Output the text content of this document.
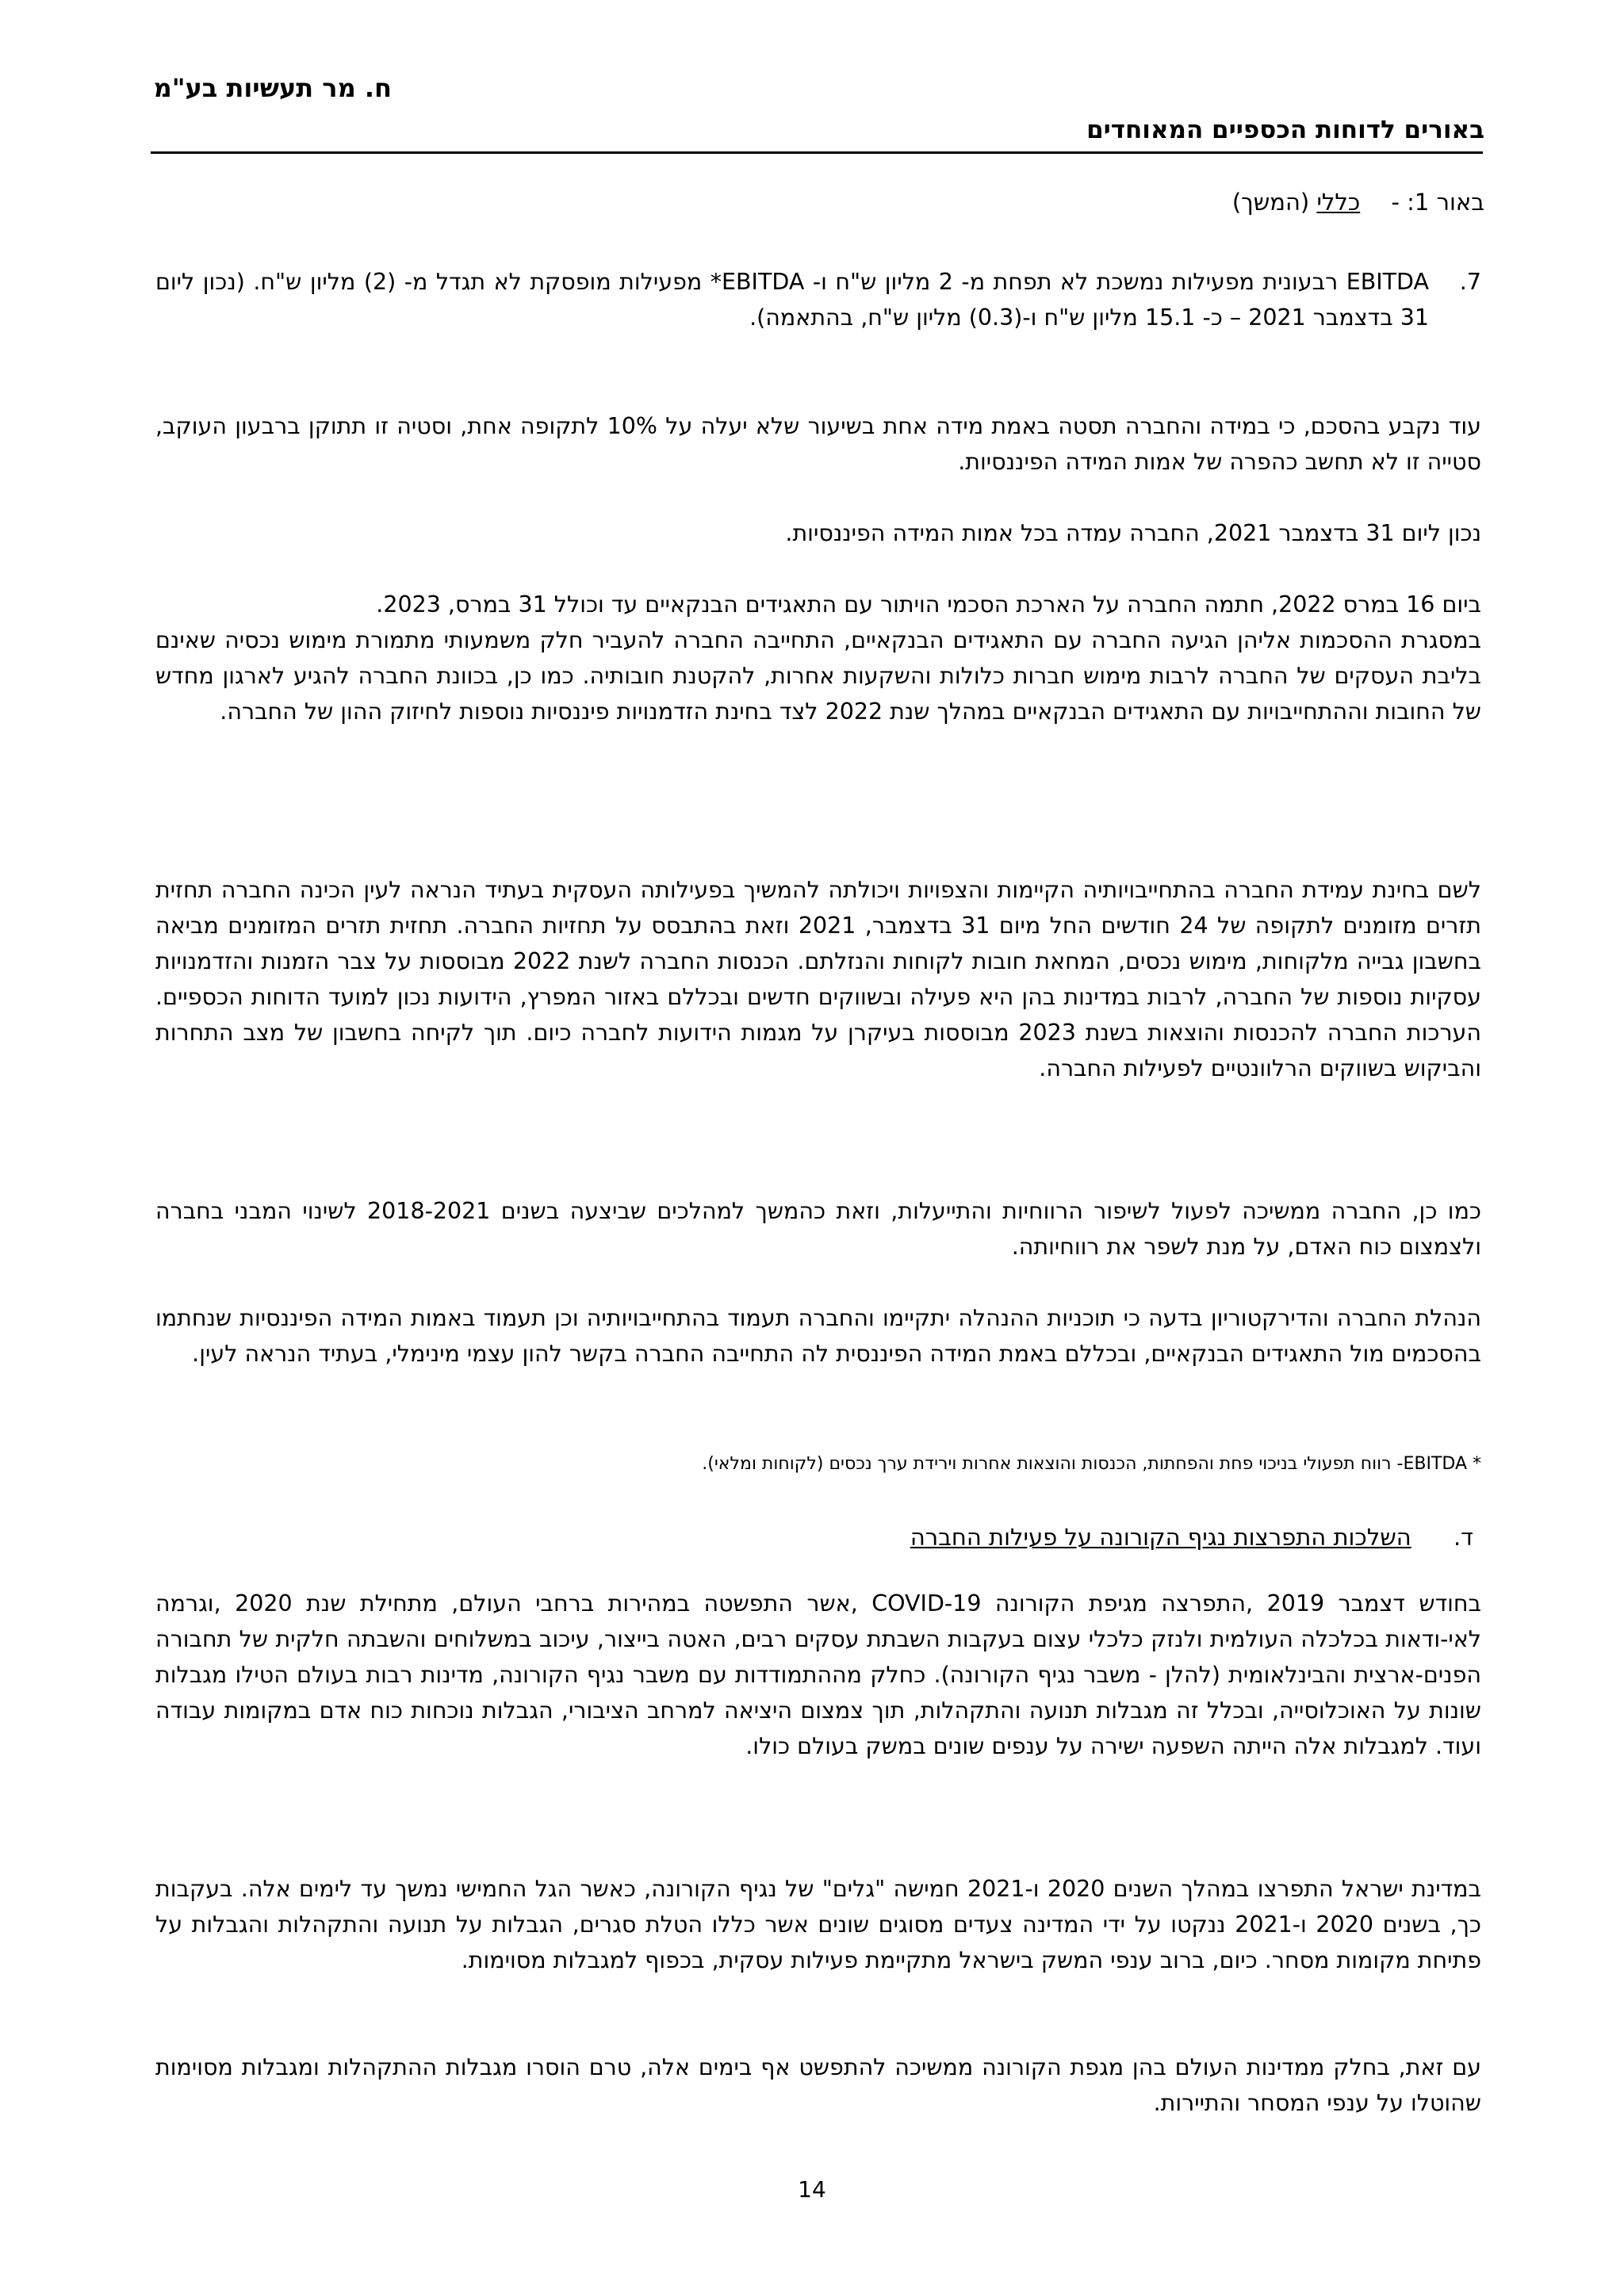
ח. מר תעשיות בע"מ
באורים לדוחות הכספיים המאוחדים
באור 1: - כללי (המשך)
7.
EBITDA רבעונית מפעילות נמשכת לא תפחת מ- 2 מליון ש"ח ו- EBITDA* מפעילות מופסקת לא תגדל מ- (2) מליון ש"ח. (נכון ליום 31 בדצמבר 2021 – כ- 15.1 מליון ש"ח ו-(0.3) מליון ש"ח, בהתאמה).

עוד נקבע בהסכם, כי במידה והחברה תסטה באמת מידה אחת בשיעור שלא יעלה על 10% לתקופה אחת, וסטיה זו תתוקן ברבעון העוקב, סטייה זו לא תחשב כהפרה של אמות המידה הפיננסיות.

נכון ליום 31 בדצמבר 2021, החברה עמדה בכל אמות המידה הפיננסיות.

ביום 16 במרס 2022, חתמה החברה על הארכת הסכמי הויתור עם התאגידים הבנקאיים עד וכולל 31 במרס, 2023.

במסגרת ההסכמות אליהן הגיעה החברה עם התאגידים הבנקאיים, התחייבה החברה להעביר חלק משמעותי מתמורת מימוש נכסיה שאינם בליבת העסקים של החברה לרבות מימוש חברות כלולות והשקעות אחרות, להקטנת חובותיה. כמו כן, בכוונת החברה להגיע לארגון מחדש של החובות וההתחייבויות עם התאגידים הבנקאיים במהלך שנת 2022 לצד בחינת הזדמנויות פיננסיות נוספות לחיזוק ההון של החברה.

לשם בחינת עמידת החברה בהתחייבויותיה הקיימות והצפויות ויכולתה להמשיך בפעילותה העסקית בעתיד הנראה לעין הכינה החברה תחזית תזרים מזומנים לתקופה של 24 חודשים החל מיום 31 בדצמבר, 2021 וזאת בהתבסס על תחזיות החברה. תחזית תזרים המזומנים מביאה בחשבון גבייה מלקוחות, מימוש נכסים, המחאת חובות לקוחות והנזלתם. הכנסות החברה לשנת 2022 מבוססות על צבר הזמנות והזדמנויות עסקיות נוספות של החברה, לרבות במדינות בהן היא פעילה ובשווקים חדשים ובכללם באזור המפרץ, הידועות נכון למועד הדוחות הכספיים. הערכות החברה להכנסות והוצאות בשנת 2023 מבוססות בעיקרן על מגמות הידועות לחברה כיום. תוך לקיחה בחשבון של מצב התחרות והביקוש בשווקים הרלוונטיים לפעילות החברה.

כמו כן, החברה ממשיכה לפעול לשיפור הרווחיות והתייעלות, וזאת כהמשך למהלכים שביצעה בשנים 2018-2021 לשינוי המבני בחברה ולצמצום כוח האדם, על מנת לשפר את רווחיותה.

הנהלת החברה והדירקטוריון בדעה כי תוכניות ההנהלה יתקיימו והחברה תעמוד בהתחייבויותיה וכן תעמוד באמות המידה הפיננסיות שנחתמו בהסכמים מול התאגידים הבנקאיים, ובכללם באמת המידה הפיננסית לה התחייבה החברה בקשר להון עצמי מינימלי, בעתיד הנראה לעין.

* EBITDA- רווח תפעולי בניכוי פחת והפחתות, הכנסות והוצאות אחרות וירידת ערך נכסים (לקוחות ומלאי).
ד. השלכות התפרצות נגיף הקורונה על פעילות החברה

בחודש דצמבר 2019 ,התפרצה מגיפת הקורונה COVID-19 ,אשר התפשטה במהירות ברחבי העולם, מתחילת שנת 2020 ,וגרמה לאי-ודאות בכלכלה העולמית ולנזק כלכלי עצום בעקבות השבתת עסקים רבים, האטה בייצור, עיכוב במשלוחים והשבתה חלקית של תחבורה הפנים-ארצית והבינלאומית (להלן - משבר נגיף הקורונה). כחלק מההתמודדות עם משבר נגיף הקורונה, מדינות רבות בעולם הטילו מגבלות שונות על האוכלוסייה, ובכלל זה מגבלות תנועה והתקהלות, תוך צמצום היציאה למרחב הציבורי, הגבלות נוכחות כוח אדם במקומות עבודה ועוד. למגבלות אלה הייתה השפעה ישירה על ענפים שונים במשק בעולם כולו.

במדינת ישראל התפרצו במהלך השנים 2020 ו-2021 חמישה "גלים" של נגיף הקורונה, כאשר הגל החמישי נמשך עד לימים אלה. בעקבות כך, בשנים 2020 ו-2021 ננקטו על ידי המדינה צעדים מסוגים שונים אשר כללו הטלת סגרים, הגבלות על תנועה והתקהלות והגבלות על פתיחת מקומות מסחר. כיום, ברוב ענפי המשק בישראל מתקיימת פעילות עסקית, בכפוף למגבלות מסוימות.

עם זאת, בחלק ממדינות העולם בהן מגפת הקורונה ממשיכה להתפשט אף בימים אלה, טרם הוסרו מגבלות ההתקהלות ומגבלות מסוימות שהוטלו על ענפי המסחר והתיירות.

14
